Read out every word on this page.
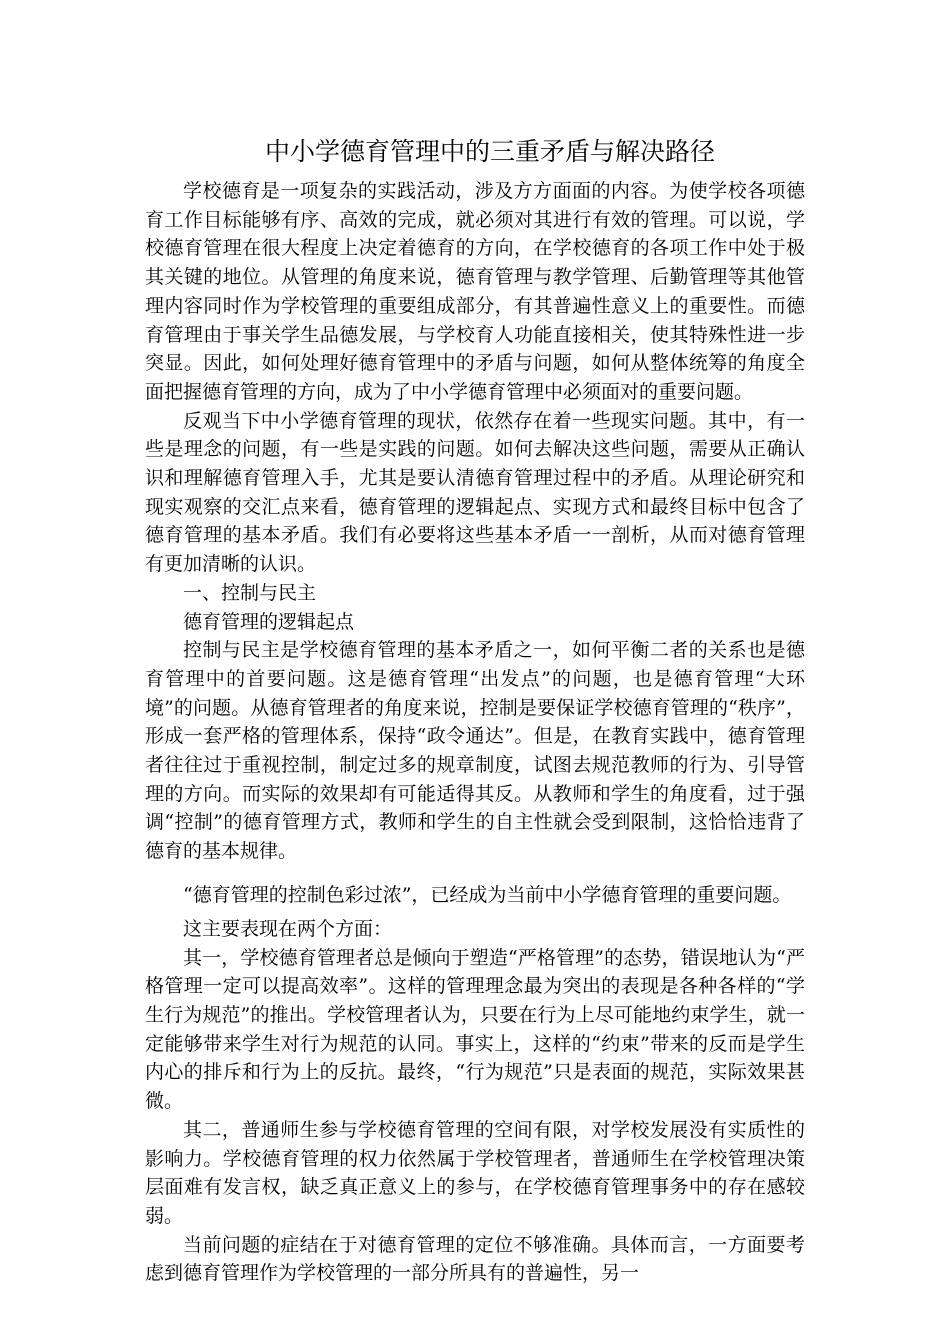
中小学德育管理中的三重矛盾与解决路径

学校德育是一项复杂的实践活动，涉及方方面面的内容。为使学校各项德育工作目标能够有序、高效的完成，就必须对其进行有效的管理。可以说，学校德育管理在很大程度上决定着德育的方向，在学校德育的各项工作中处于极其关键的地位。从管理的角度来说，德育管理与教学管理、后勤管理等其他管理内容同时作为学校管理的重要组成部分，有其普遍性意义上的重要性。而德育管理由于事关学生品德发展，与学校育人功能直接相关，使其特殊性进一步突显。因此，如何处理好德育管理中的矛盾与问题，如何从整体统筹的角度全面把握德育管理的方向，成为了中小学德育管理中必须面对的重要问题。

反观当下中小学德育管理的现状，依然存在着一些现实问题。其中，有一些是理念的问题，有一些是实践的问题。如何去解决这些问题，需要从正确认识和理解德育管理入手，尤其是要认清德育管理过程中的矛盾。从理论研究和现实观察的交汇点来看，德育管理的逻辑起点、实现方式和最终目标中包含了德育管理的基本矛盾。我们有必要将这些基本矛盾一一剖析，从而对德育管理有更加清晰的认识。

一、控制与民主

德育管理的逻辑起点

控制与民主是学校德育管理的基本矛盾之一，如何平衡二者的关系也是德育管理中的首要问题。这是德育管理“出发点”的问题，也是德育管理“大环境”的问题。从德育管理者的角度来说，控制是要保证学校德育管理的“秩序”，形成一套严格的管理体系，保持“政令通达”。但是，在教育实践中，德育管理者往往过于重视控制，制定过多的规章制度，试图去规范教师的行为、引导管理的方向。而实际的效果却有可能适得其反。从教师和学生的角度看，过于强调“控制”的德育管理方式，教师和学生的自主性就会受到限制，这恰恰违背了德育的基本规律。

“德育管理的控制色彩过浓”，已经成为当前中小学德育管理的重要问题。

这主要表现在两个方面：

其一，学校德育管理者总是倾向于塑造“严格管理”的态势，错误地认为“严格管理一定可以提高效率”。这样的管理理念最为突出的表现是各种各样的“学生行为规范”的推出。学校管理者认为，只要在行为上尽可能地约束学生，就一定能够带来学生对行为规范的认同。事实上，这样的“约束”带来的反而是学生内心的排斥和行为上的反抗。最终，“行为规范”只是表面的规范，实际效果甚微。

其二，普通师生参与学校德育管理的空间有限，对学校发展没有实质性的影响力。学校德育管理的权力依然属于学校管理者，普通师生在学校管理决策层面难有发言权，缺乏真正意义上的参与，在学校德育管理事务中的存在感较弱。

当前问题的症结在于对德育管理的定位不够准确。具体而言，一方面要考虑到德育管理作为学校管理的一部分所具有的普遍性，另一
